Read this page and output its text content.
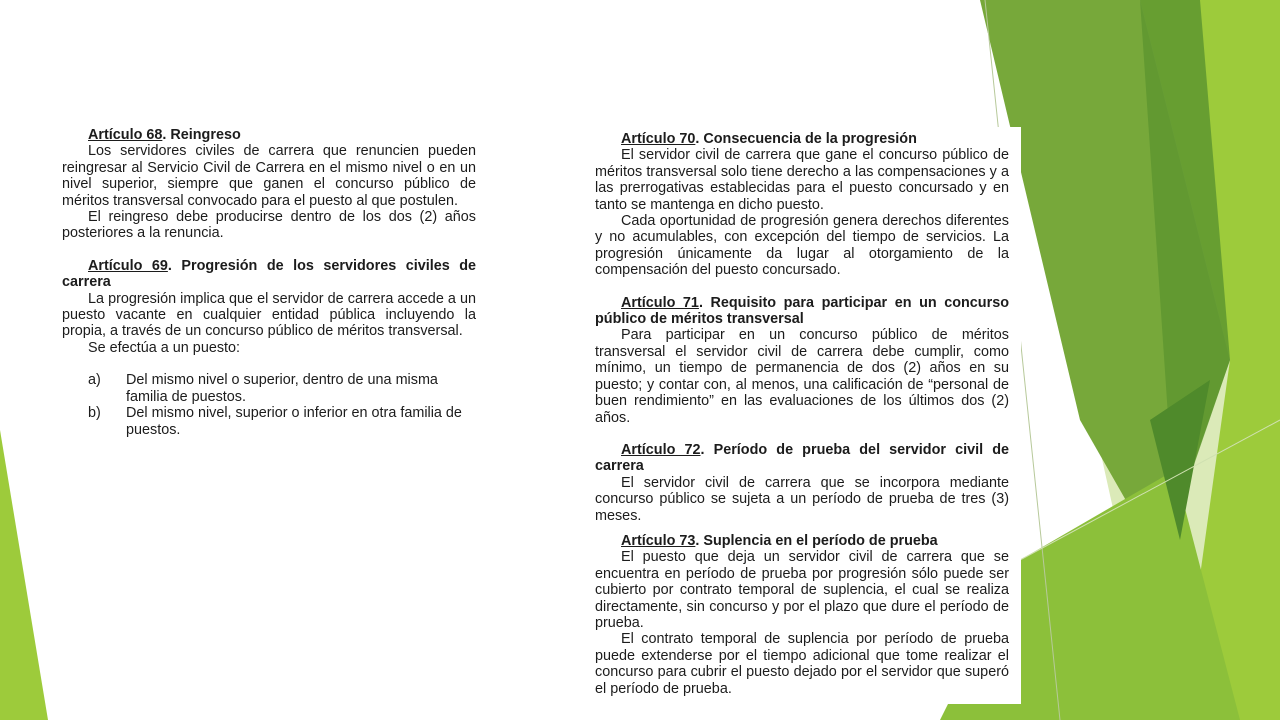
Artículo 68. Reingreso

Los servidores civiles de carrera que renuncien pueden reingresar al Servicio Civil de Carrera en el mismo nivel o en un nivel superior, siempre que ganen el concurso público de méritos transversal convocado para el puesto al que postulen.

El reingreso debe producirse dentro de los dos (2) años posteriores a la renuncia.

Artículo 69. Progresión de los servidores civiles de carrera

La progresión implica que el servidor de carrera accede a un puesto vacante en cualquier entidad pública incluyendo la propia, a través de un concurso público de méritos transversal.

Se efectúa a un puesto:

a)	Del mismo nivel o superior, dentro de una misma familia de puestos.
b)	Del mismo nivel, superior o inferior en otra familia de puestos.
Artículo 70. Consecuencia de la progresión

El servidor civil de carrera que gane el concurso público de méritos transversal solo tiene derecho a las compensaciones y a las prerrogativas establecidas para el puesto concursado y en tanto se mantenga en dicho puesto.

Cada oportunidad de progresión genera derechos diferentes y no acumulables, con excepción del tiempo de servicios. La progresión únicamente da lugar al otorgamiento de la compensación del puesto concursado.

Artículo 71. Requisito para participar en un concurso público de méritos transversal

Para participar en un concurso público de méritos transversal el servidor civil de carrera debe cumplir, como mínimo, un tiempo de permanencia de dos (2) años en su puesto; y contar con, al menos, una calificación de “personal de buen rendimiento” en las evaluaciones de los últimos dos (2) años.

Artículo 72. Período de prueba del servidor civil de carrera

El servidor civil de carrera que se incorpora mediante concurso público se sujeta a un período de prueba de tres (3) meses.

Artículo 73. Suplencia en el período de prueba

El puesto que deja un servidor civil de carrera que se encuentra en período de prueba por progresión sólo puede ser cubierto por contrato temporal de suplencia, el cual se realiza directamente, sin concurso y por el plazo que dure el período de prueba.

El contrato temporal de suplencia por período de prueba puede extenderse por el tiempo adicional que tome realizar el concurso para cubrir el puesto dejado por el servidor que superó el período de prueba.
